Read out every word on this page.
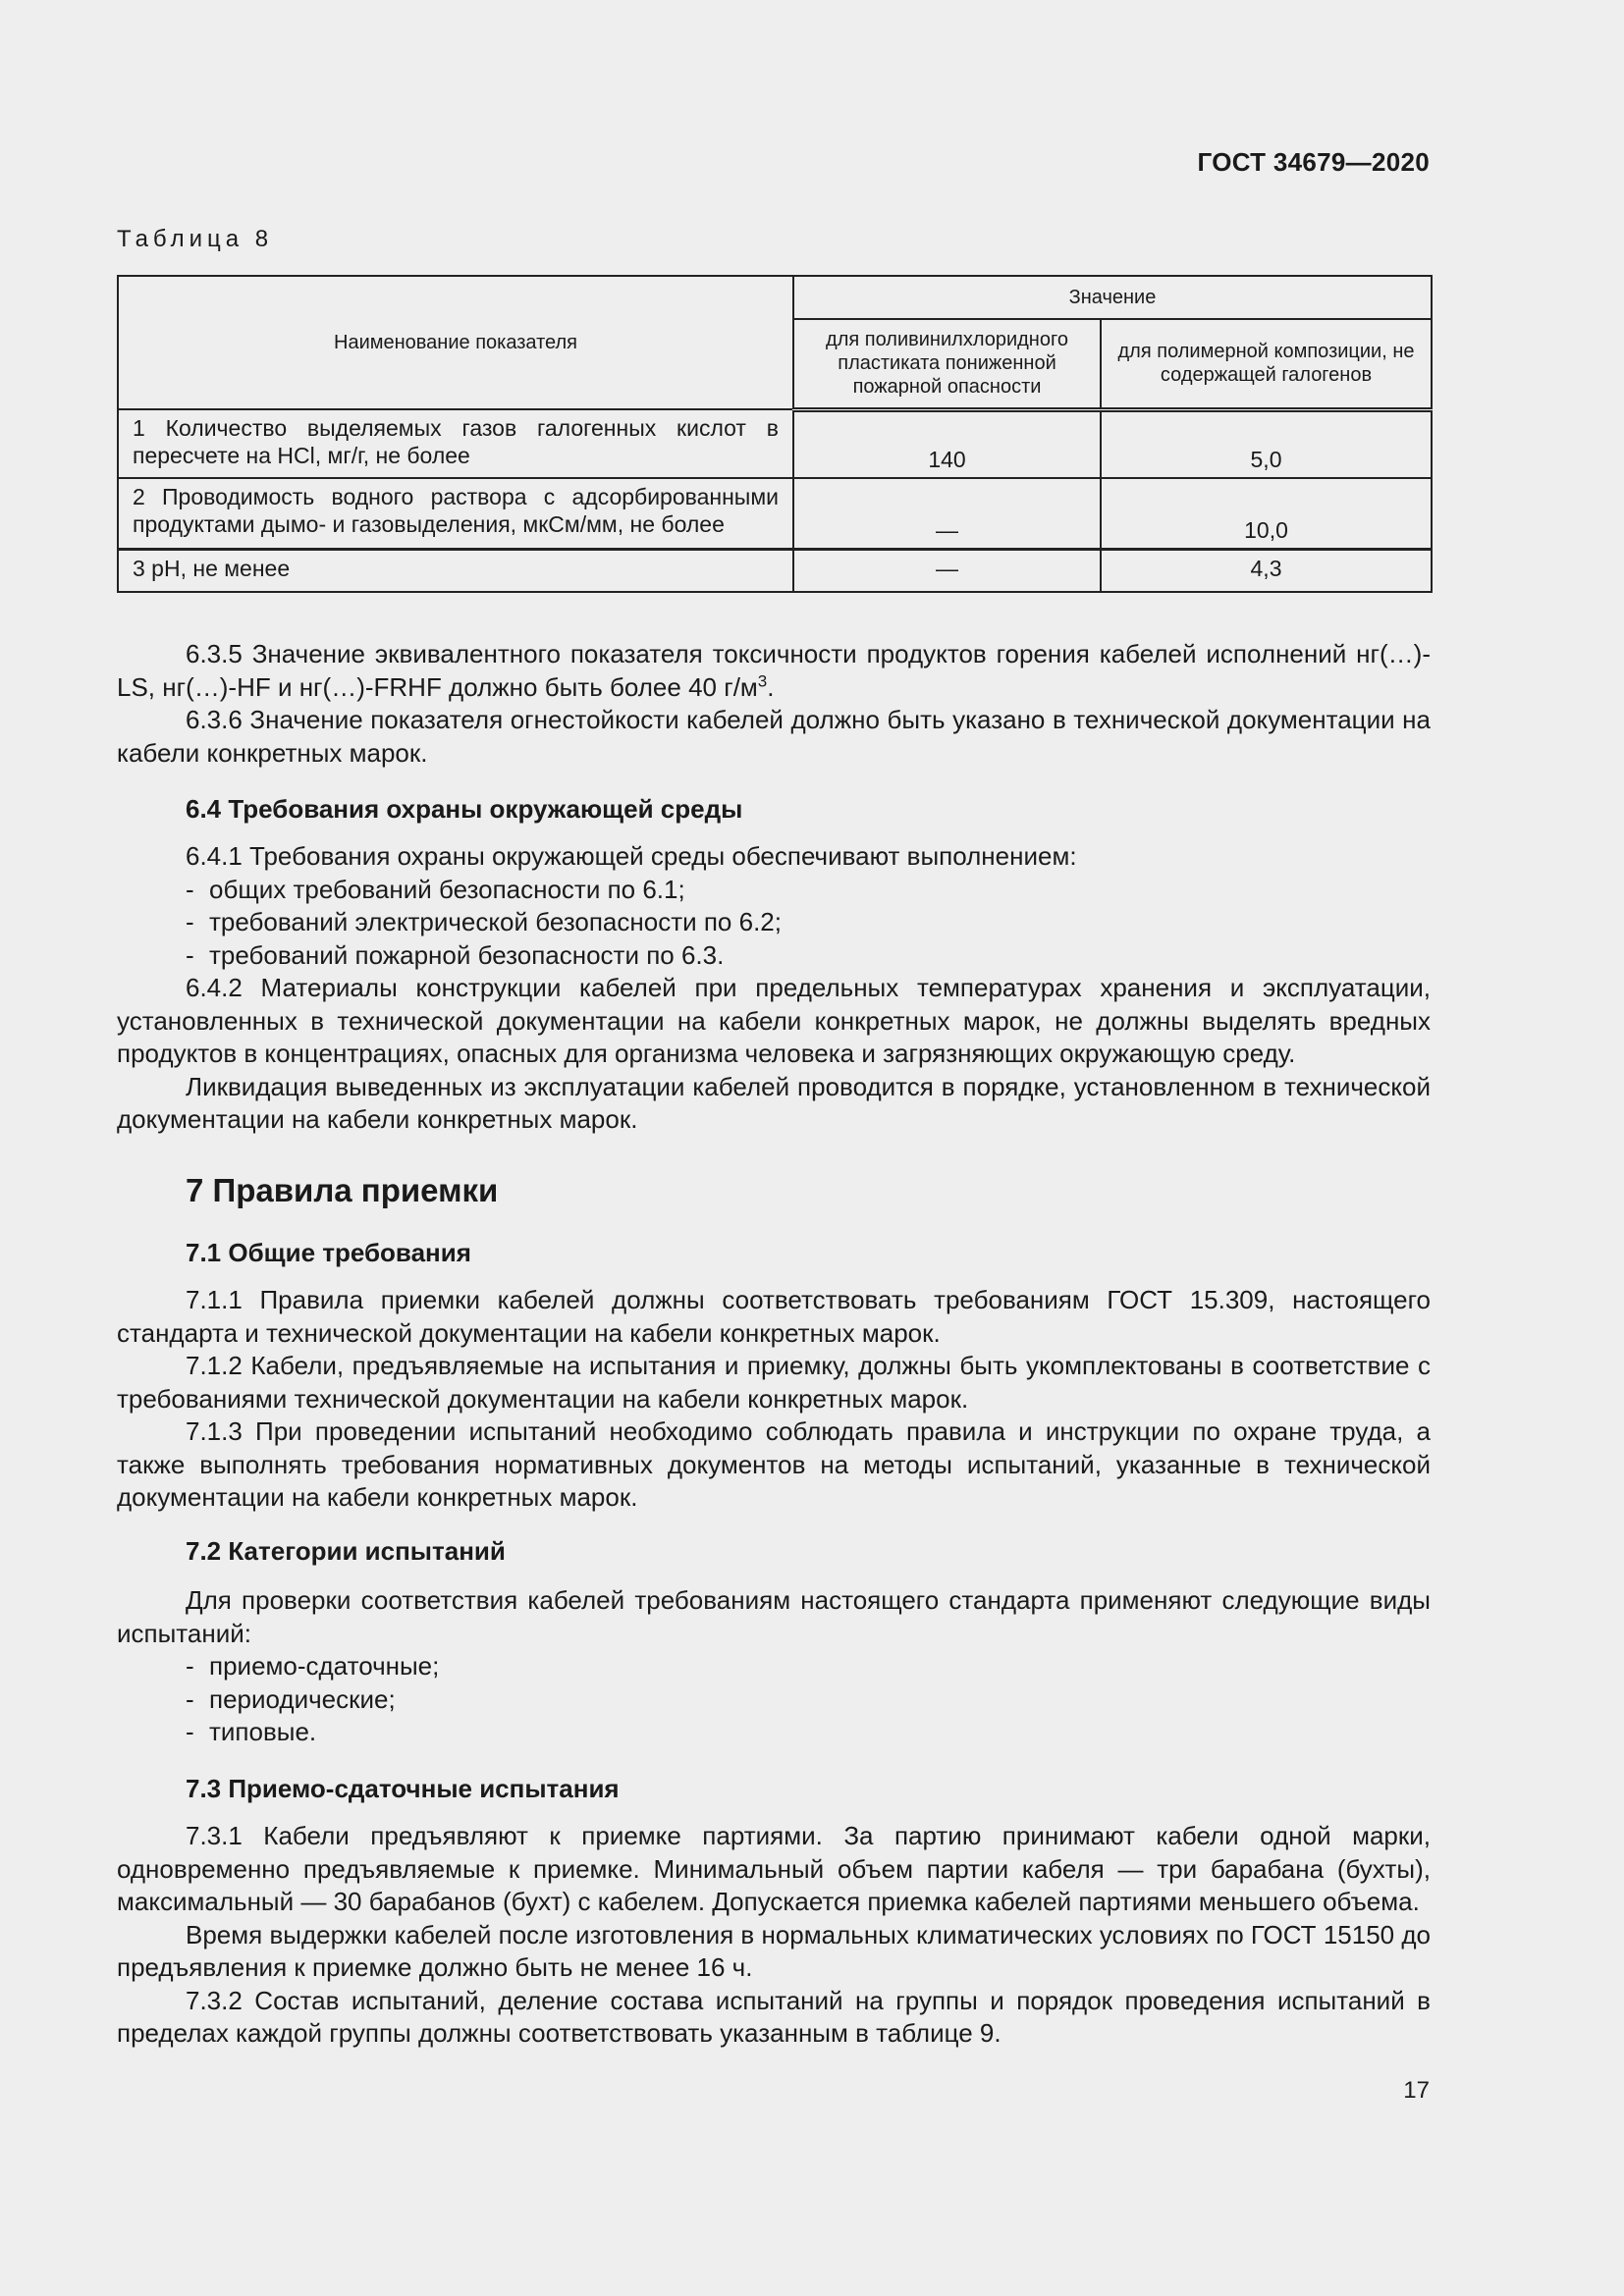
ГОСТ 34679—2020
Таблица 8
Наименование показателя	Значение	
	для поливинилхлоридного пластиката пониженной пожарной опасности	для полимерной композиции, не содержащей галогенов
1 Количество выделяемых газов галогенных кислот в пересчете на HCl, мг/г, не более	140	5,0
2 Проводимость водного раствора с адсорбированными продуктами дымо- и газовыделения, мкСм/мм, не более	—	10,0
3 pH, не менее	—	4,3

6.3.5 Значение эквивалентного показателя токсичности продуктов горения кабелей исполнений нг(…)-LS, нг(…)-HF и нг(…)-FRHF должно быть более 40 $г/м^3$.

6.3.6 Значение показателя огнестойкости кабелей должно быть указано в технической документации на кабели конкретных марок.

6.4 Требования охраны окружающей среды

6.4.1 Требования охраны окружающей среды обеспечивают выполнением:

- общих требований безопасности по 6.1;

- требований электрической безопасности по 6.2;

- требований пожарной безопасности по 6.3.

6.4.2 Материалы конструкции кабелей при предельных температурах хранения и эксплуатации, установленных в технической документации на кабели конкретных марок, не должны выделять вредных продуктов в концентрациях, опасных для организма человека и загрязняющих окружающую среду.

Ликвидация выведенных из эксплуатации кабелей проводится в порядке, установленном в технической документации на кабели конкретных марок.

7 Правила приемки

7.1 Общие требования

7.1.1 Правила приемки кабелей должны соответствовать требованиям ГОСТ 15.309, настоящего стандарта и технической документации на кабели конкретных марок.

7.1.2 Кабели, предъявляемые на испытания и приемку, должны быть укомплектованы в соответствие с требованиями технической документации на кабели конкретных марок.

7.1.3 При проведении испытаний необходимо соблюдать правила и инструкции по охране труда, а также выполнять требования нормативных документов на методы испытаний, указанные в технической документации на кабели конкретных марок.

7.2 Категории испытаний

Для проверки соответствия кабелей требованиям настоящего стандарта применяют следующие виды испытаний:

- приемо-сдаточные;

- периодические;

- типовые.

7.3 Приемо-сдаточные испытания

7.3.1 Кабели предъявляют к приемке партиями. За партию принимают кабели одной марки, одновременно предъявляемые к приемке. Минимальный объем партии кабеля — три барабана (бухты), максимальный — 30 барабанов (бухт) с кабелем. Допускается приемка кабелей партиями меньшего объема.

Время выдержки кабелей после изготовления в нормальных климатических условиях по ГОСТ 15150 до предъявления к приемке должно быть не менее 16 ч.

7.3.2 Состав испытаний, деление состава испытаний на группы и порядок проведения испытаний в пределах каждой группы должны соответствовать указанным в таблице 9.

17
